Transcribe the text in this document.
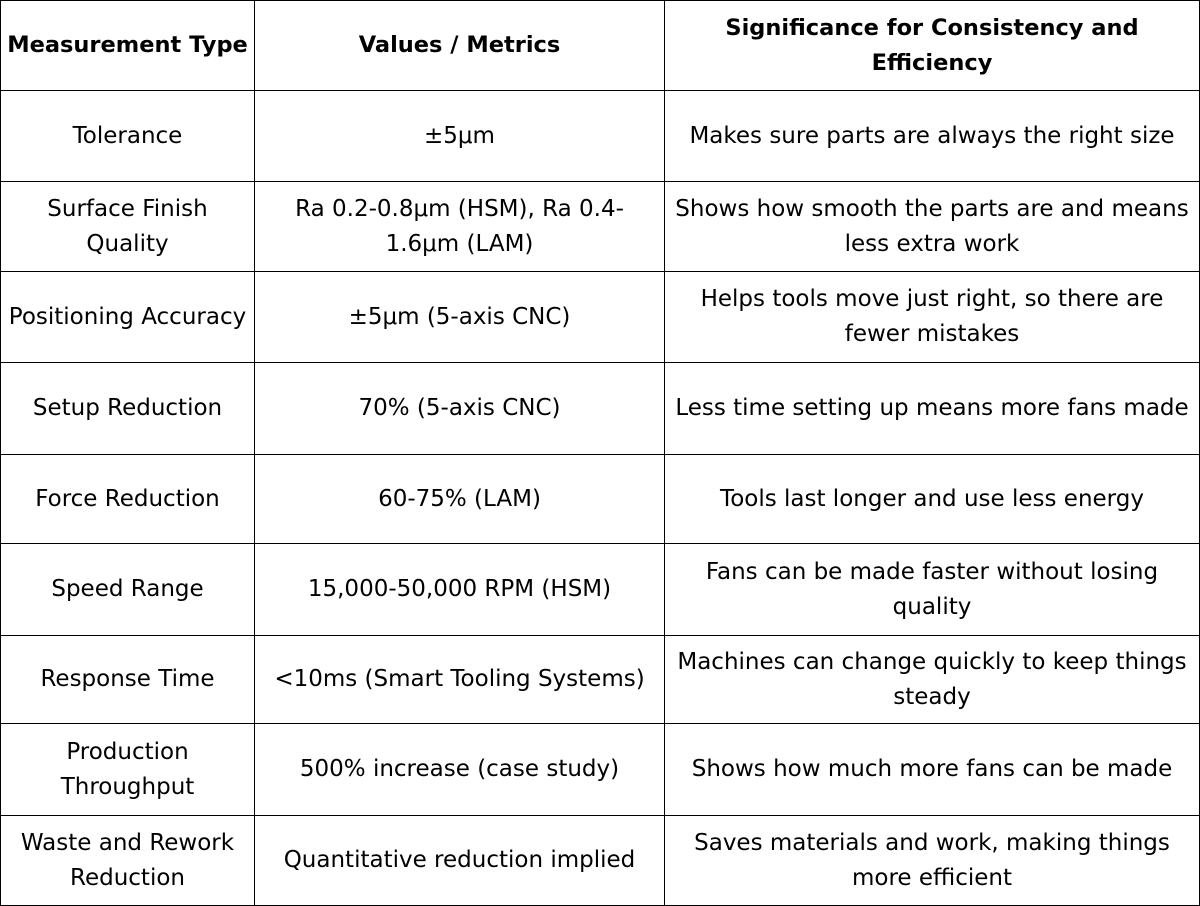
Measurement Type	Values / Metrics	Significance for Consistency and Efficiency
Tolerance	±5μm	Makes sure parts are always the right size
Surface Finish Quality	Ra 0.2-0.8μm (HSM), Ra 0.4-1.6μm (LAM)	Shows how smooth the parts are and means less extra work
Positioning Accuracy	±5μm (5-axis CNC)	Helps tools move just right, so there are fewer mistakes
Setup Reduction	70% (5-axis CNC)	Less time setting up means more fans made
Force Reduction	60-75% (LAM)	Tools last longer and use less energy
Speed Range	15,000-50,000 RPM (HSM)	Fans can be made faster without losing quality
Response Time	<10ms (Smart Tooling Systems)	Machines can change quickly to keep things steady
Production Throughput	500% increase (case study)	Shows how much more fans can be made
Waste and Rework Reduction	Quantitative reduction implied	Saves materials and work, making things more efficient
